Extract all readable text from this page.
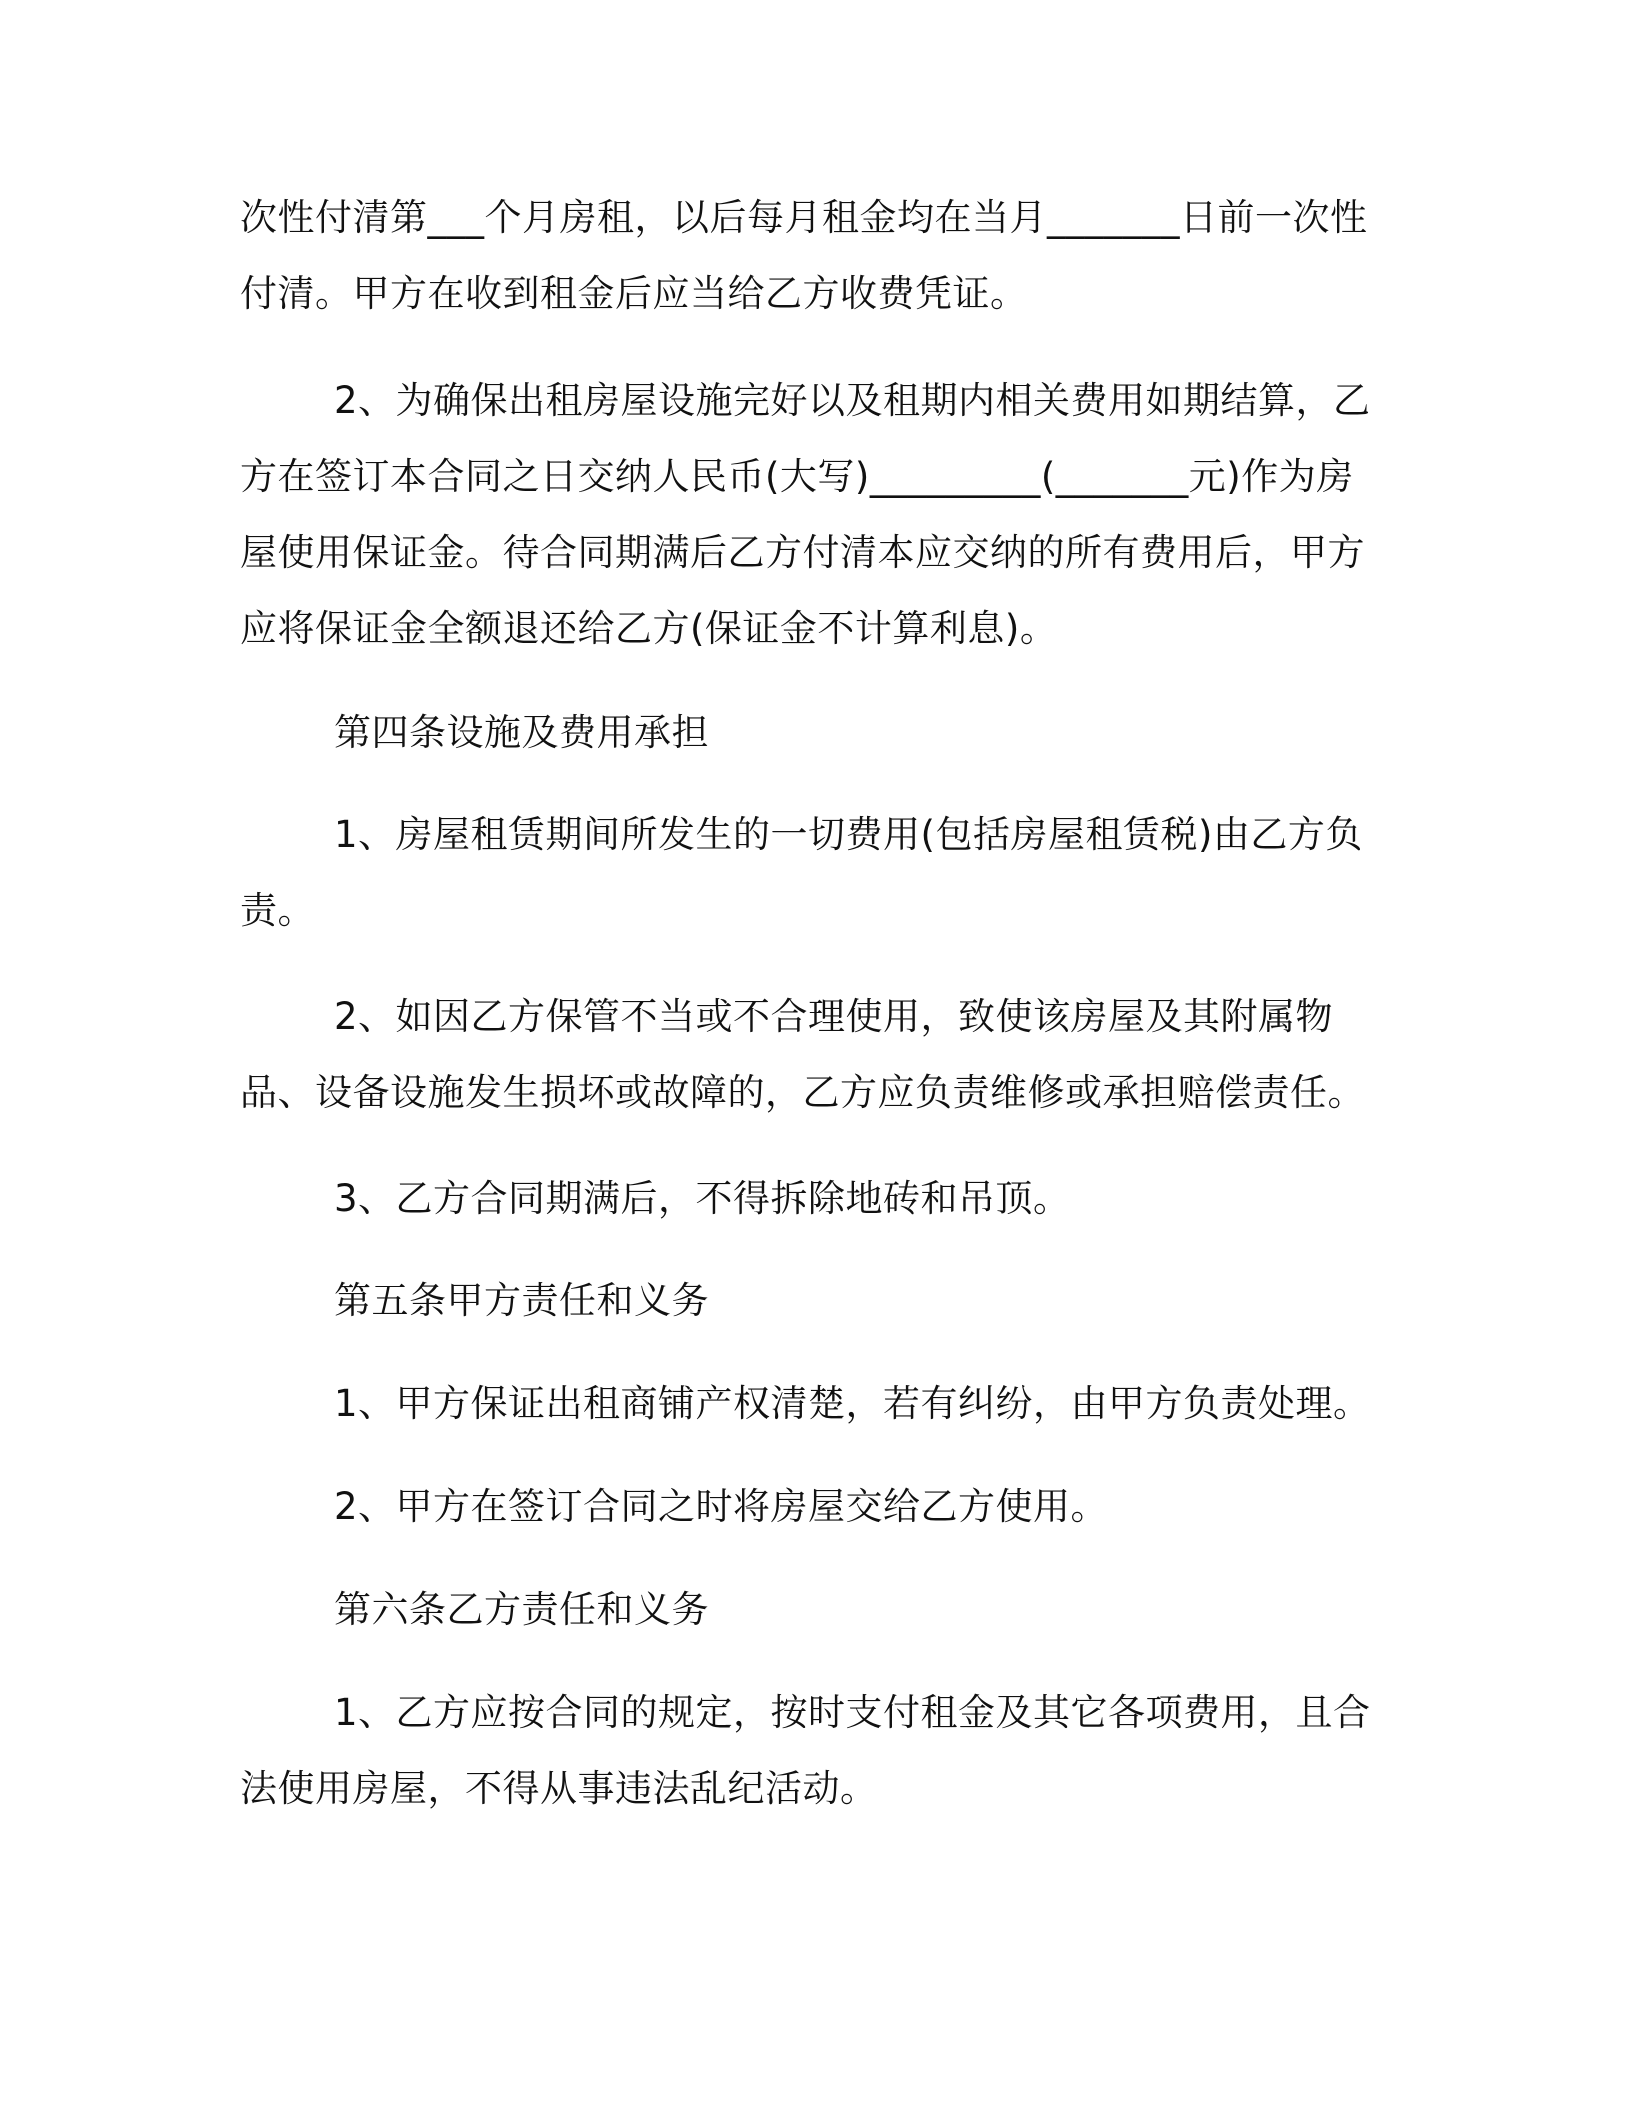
次性付清第___个月房租，以后每月租金均在当月_______日前一次性付清。甲方在收到租金后应当给乙方收费凭证。

2、为确保出租房屋设施完好以及租期内相关费用如期结算，乙方在签订本合同之日交纳人民币(大写)_________(_______元)作为房屋使用保证金。待合同期满后乙方付清本应交纳的所有费用后，甲方应将保证金全额退还给乙方(保证金不计算利息)。

第四条设施及费用承担

1、房屋租赁期间所发生的一切费用(包括房屋租赁税)由乙方负责。

2、如因乙方保管不当或不合理使用，致使该房屋及其附属物品、设备设施发生损坏或故障的，乙方应负责维修或承担赔偿责任。

3、乙方合同期满后，不得拆除地砖和吊顶。

第五条甲方责任和义务

1、甲方保证出租商铺产权清楚，若有纠纷，由甲方负责处理。

2、甲方在签订合同之时将房屋交给乙方使用。

第六条乙方责任和义务

1、乙方应按合同的规定，按时支付租金及其它各项费用，且合法使用房屋，不得从事违法乱纪活动。
